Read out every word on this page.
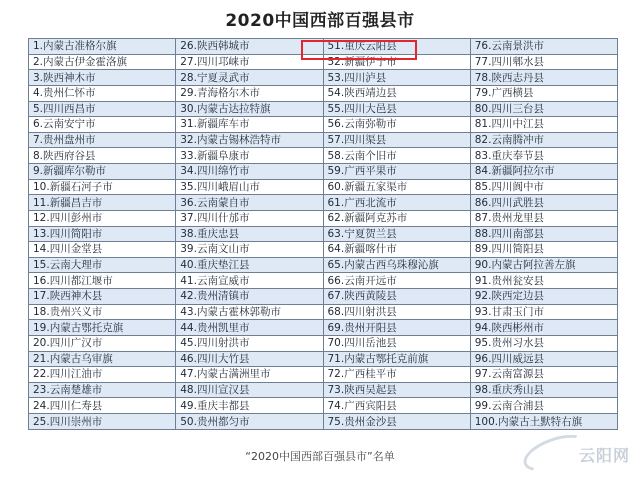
2020中国西部百强县市
1.内蒙古准格尔旗	26.陕西韩城市	51.重庆云阳县	76.云南景洪市
2.内蒙古伊金霍洛旗	27.四川邛崃市	52.新疆伊宁市	77.四川郫水县
3.陕西神木市	28.宁夏灵武市	53.四川泸县	78.陕西志丹县
4.贵州仁怀市	29.青海格尔木市	54.陕西靖边县	79.广西横县
5.四川西昌市	30.内蒙古达拉特旗	55.四川大邑县	80.四川三台县
6.云南安宁市	31.新疆库车市	56.云南弥勒市	81.四川中江县
7.贵州盘州市	32.内蒙古锡林浩特市	57.四川渠县	82.云南腾冲市
8.陕西府谷县	33.新疆阜康市	58.云南个旧市	83.重庆奉节县
9.新疆库尔勒市	34.四川绵竹市	59.广西平果市	84.新疆阿拉尔市
10.新疆石河子市	35.四川峨眉山市	60.新疆五家渠市	85.四川阆中市
11.新疆昌吉市	36.云南蒙自市	61.广西北流市	86.四川武胜县
12.四川彭州市	37.四川什邡市	62.新疆阿克苏市	87.贵州龙里县
13.四川简阳市	38.重庆忠县	63.宁夏贺兰县	88.四川南部县
14.四川金堂县	39.云南文山市	64.新疆喀什市	89.四川简阳县
15.云南大理市	40.重庆垫江县	65.内蒙古西乌珠穆沁旗	90.内蒙古阿拉善左旗
16.四川都江堰市	41.云南宣威市	66.云南开远市	91.贵州瓮安县
17.陕西神木县	42.贵州清镇市	67.陕西黄陵县	92.陕西定边县
18.贵州兴义市	43.内蒙古霍林郭勒市	68.四川射洪县	93.甘肃玉门市
19.内蒙古鄂托克旗	44.贵州凯里市	69.贵州开阳县	94.陕西彬州市
20.四川广汉市	45.四川射洪市	70.四川岳池县	95.贵州习水县
21.内蒙古乌审旗	46.四川大竹县	71.内蒙古鄂托克前旗	96.四川威远县
22.四川江油市	47.内蒙古满洲里市	72.广西桂平市	97.云南富源县
23.云南楚雄市	48.四川宣汉县	73.陕西吴起县	98.重庆秀山县
24.四川仁寿县	49.重庆丰都县	74.广西宾阳县	99.云南合浦县
25.四川崇州市	50.贵州都匀市	75.贵州金沙县	100.内蒙古土默特右旗
“2020中国西部百强县市”名单	云阳网
